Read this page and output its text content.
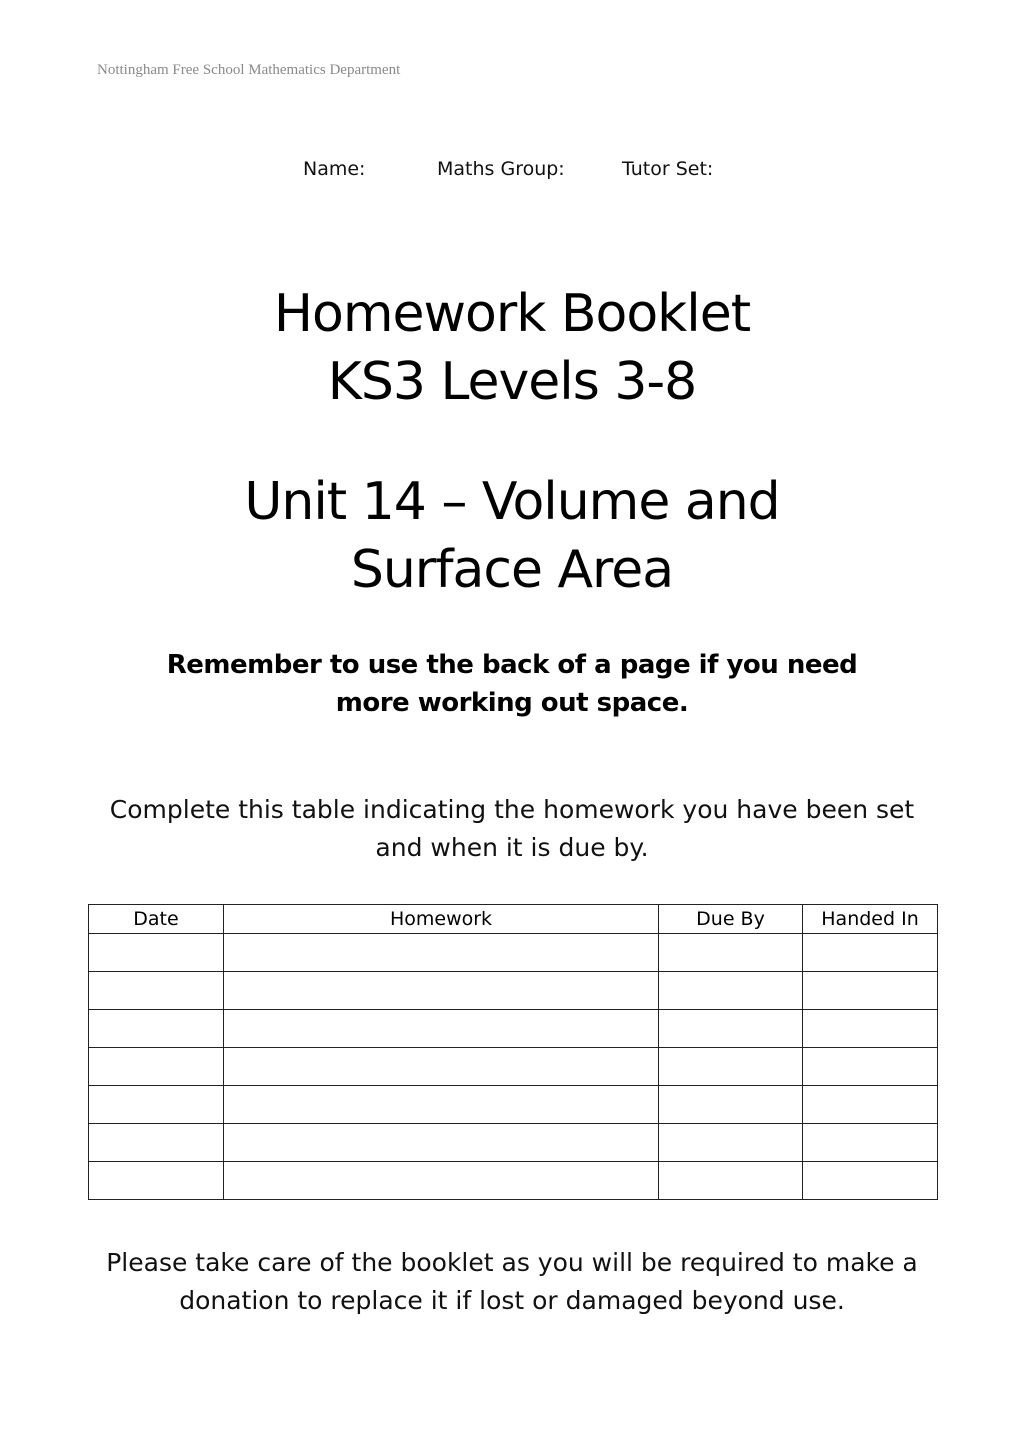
Nottingham Free School Mathematics Department
Name:	Maths Group:	Tutor Set:
Homework Booklet
KS3 Levels 3-8
Unit 14 – Volume and
Surface Area
Remember to use the back of a page if you need
more working out space.
Complete this table indicating the homework you have been set
and when it is due by.
Date	Homework	Due By	Handed In

Please take care of the booklet as you will be required to make a
donation to replace it if lost or damaged beyond use.
